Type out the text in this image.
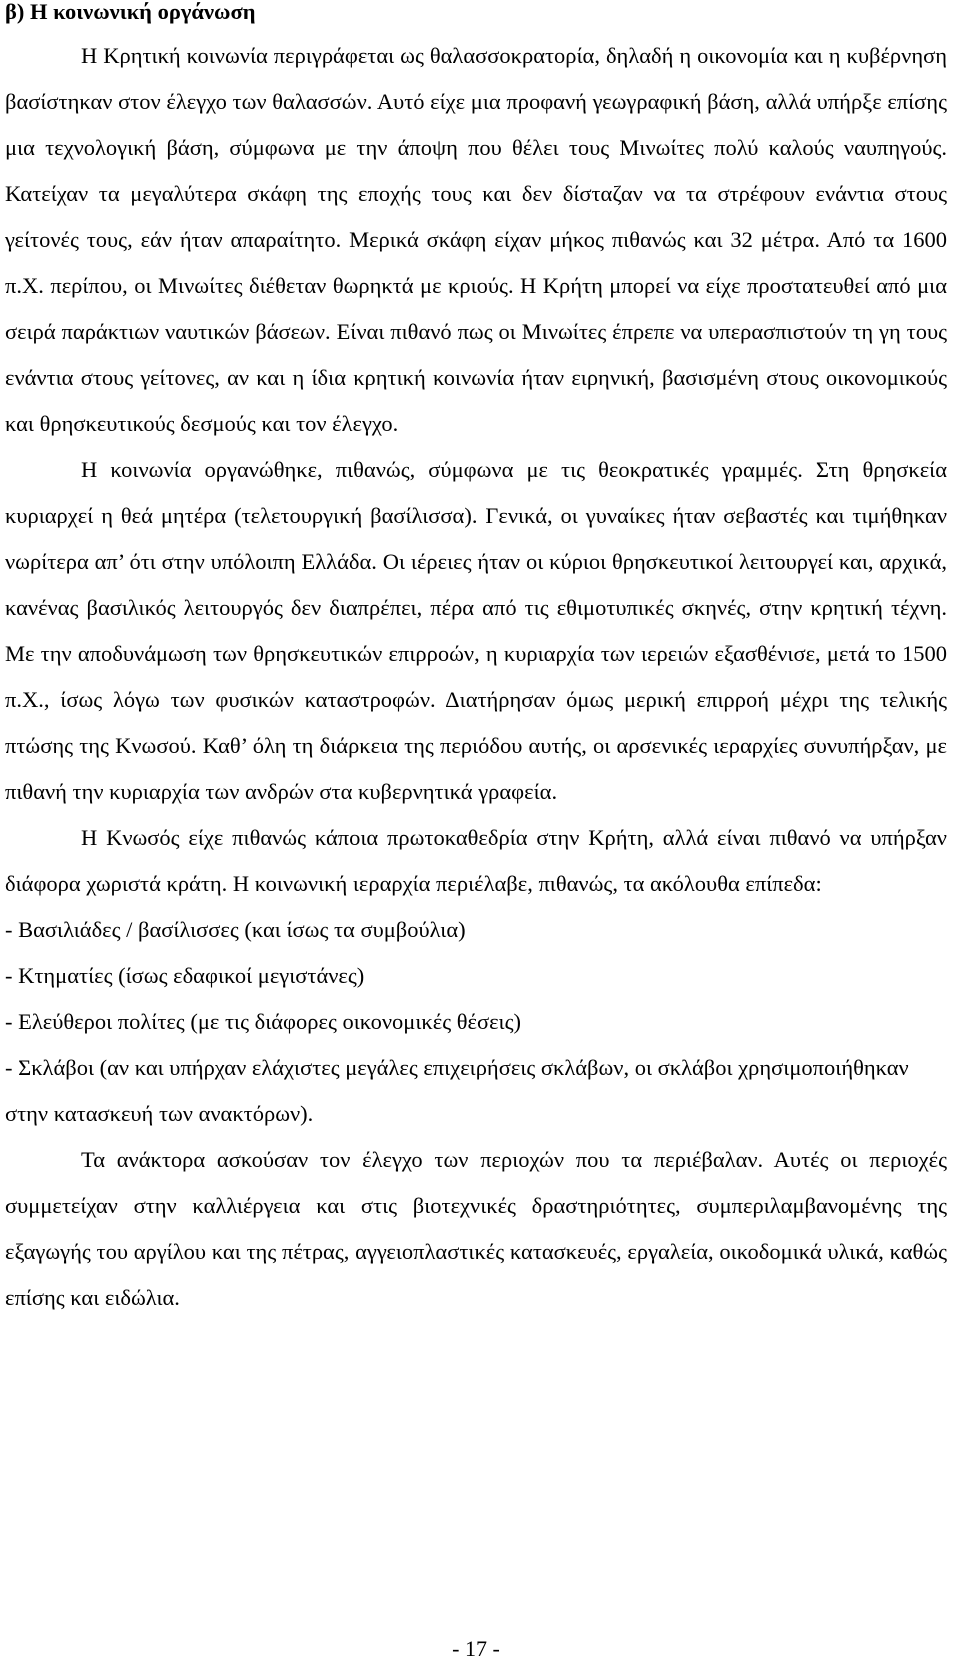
β) Η κοινωνική οργάνωση

Η Κρητική κοινωνία περιγράφεται ως θαλασσοκρατορία, δηλαδή η οικονομία και η κυβέρνηση βασίστηκαν στον έλεγχο των θαλασσών. Αυτό είχε μια προφανή γεωγραφική βάση, αλλά υπήρξε επίσης μια τεχνολογική βάση, σύμφωνα με την άποψη που θέλει τους Μινωίτες πολύ καλούς ναυπηγούς. Κατείχαν τα μεγαλύτερα σκάφη της εποχής τους και δεν δίσταζαν να τα στρέφουν ενάντια στους γείτονές τους, εάν ήταν απαραίτητο. Μερικά σκάφη είχαν μήκος πιθανώς και 32 μέτρα. Από τα 1600 π.Χ. περίπου, οι Μινωίτες διέθεταν θωρηκτά με κριούς. Η Κρήτη μπορεί να είχε προστατευθεί από μια σειρά παράκτιων ναυτικών βάσεων. Είναι πιθανό πως οι Μινωίτες έπρεπε να υπερασπιστούν τη γη τους ενάντια στους γείτονες, αν και η ίδια κρητική κοινωνία ήταν ειρηνική, βασισμένη στους οικονομικούς και θρησκευτικούς δεσμούς και τον έλεγχο.

Η κοινωνία οργανώθηκε, πιθανώς, σύμφωνα με τις θεοκρατικές γραμμές. Στη θρησκεία κυριαρχεί η θεά μητέρα (τελετουργική βασίλισσα). Γενικά, οι γυναίκες ήταν σεβαστές και τιμήθηκαν νωρίτερα απ’ ότι στην υπόλοιπη Ελλάδα. Οι ιέρειες ήταν οι κύριοι θρησκευτικοί λειτουργεί και, αρχικά, κανένας βασιλικός λειτουργός δεν διαπρέπει, πέρα από τις εθιμοτυπικές σκηνές, στην κρητική τέχνη. Με την αποδυνάμωση των θρησκευτικών επιρροών, η κυριαρχία των ιερειών εξασθένισε, μετά το 1500 π.Χ., ίσως λόγω των φυσικών καταστροφών. Διατήρησαν όμως μερική επιρροή μέχρι της τελικής πτώσης της Κνωσού. Καθ’ όλη τη διάρκεια της περιόδου αυτής, οι αρσενικές ιεραρχίες συνυπήρξαν, με πιθανή την κυριαρχία των ανδρών στα κυβερνητικά γραφεία.

Η Κνωσός είχε πιθανώς κάποια πρωτοκαθεδρία στην Κρήτη, αλλά είναι πιθανό να υπήρξαν διάφορα χωριστά κράτη. Η κοινωνική ιεραρχία περιέλαβε, πιθανώς, τα ακόλουθα επίπεδα:

- Βασιλιάδες / βασίλισσες (και ίσως τα συμβούλια)
- Κτηματίες (ίσως εδαφικοί μεγιστάνες)
- Ελεύθεροι πολίτες (με τις διάφορες οικονομικές θέσεις)
- Σκλάβοι (αν και υπήρχαν ελάχιστες μεγάλες επιχειρήσεις σκλάβων, οι σκλάβοι χρησιμοποιήθηκαν στην κατασκευή των ανακτόρων).

Τα ανάκτορα ασκούσαν τον έλεγχο των περιοχών που τα περιέβαλαν. Αυτές οι περιοχές συμμετείχαν στην καλλιέργεια και στις βιοτεχνικές δραστηριότητες, συμπεριλαμβανομένης της εξαγωγής του αργίλου και της πέτρας, αγγειοπλαστικές κατασκευές, εργαλεία, οικοδομικά υλικά, καθώς επίσης και ειδώλια.

- 17 -
